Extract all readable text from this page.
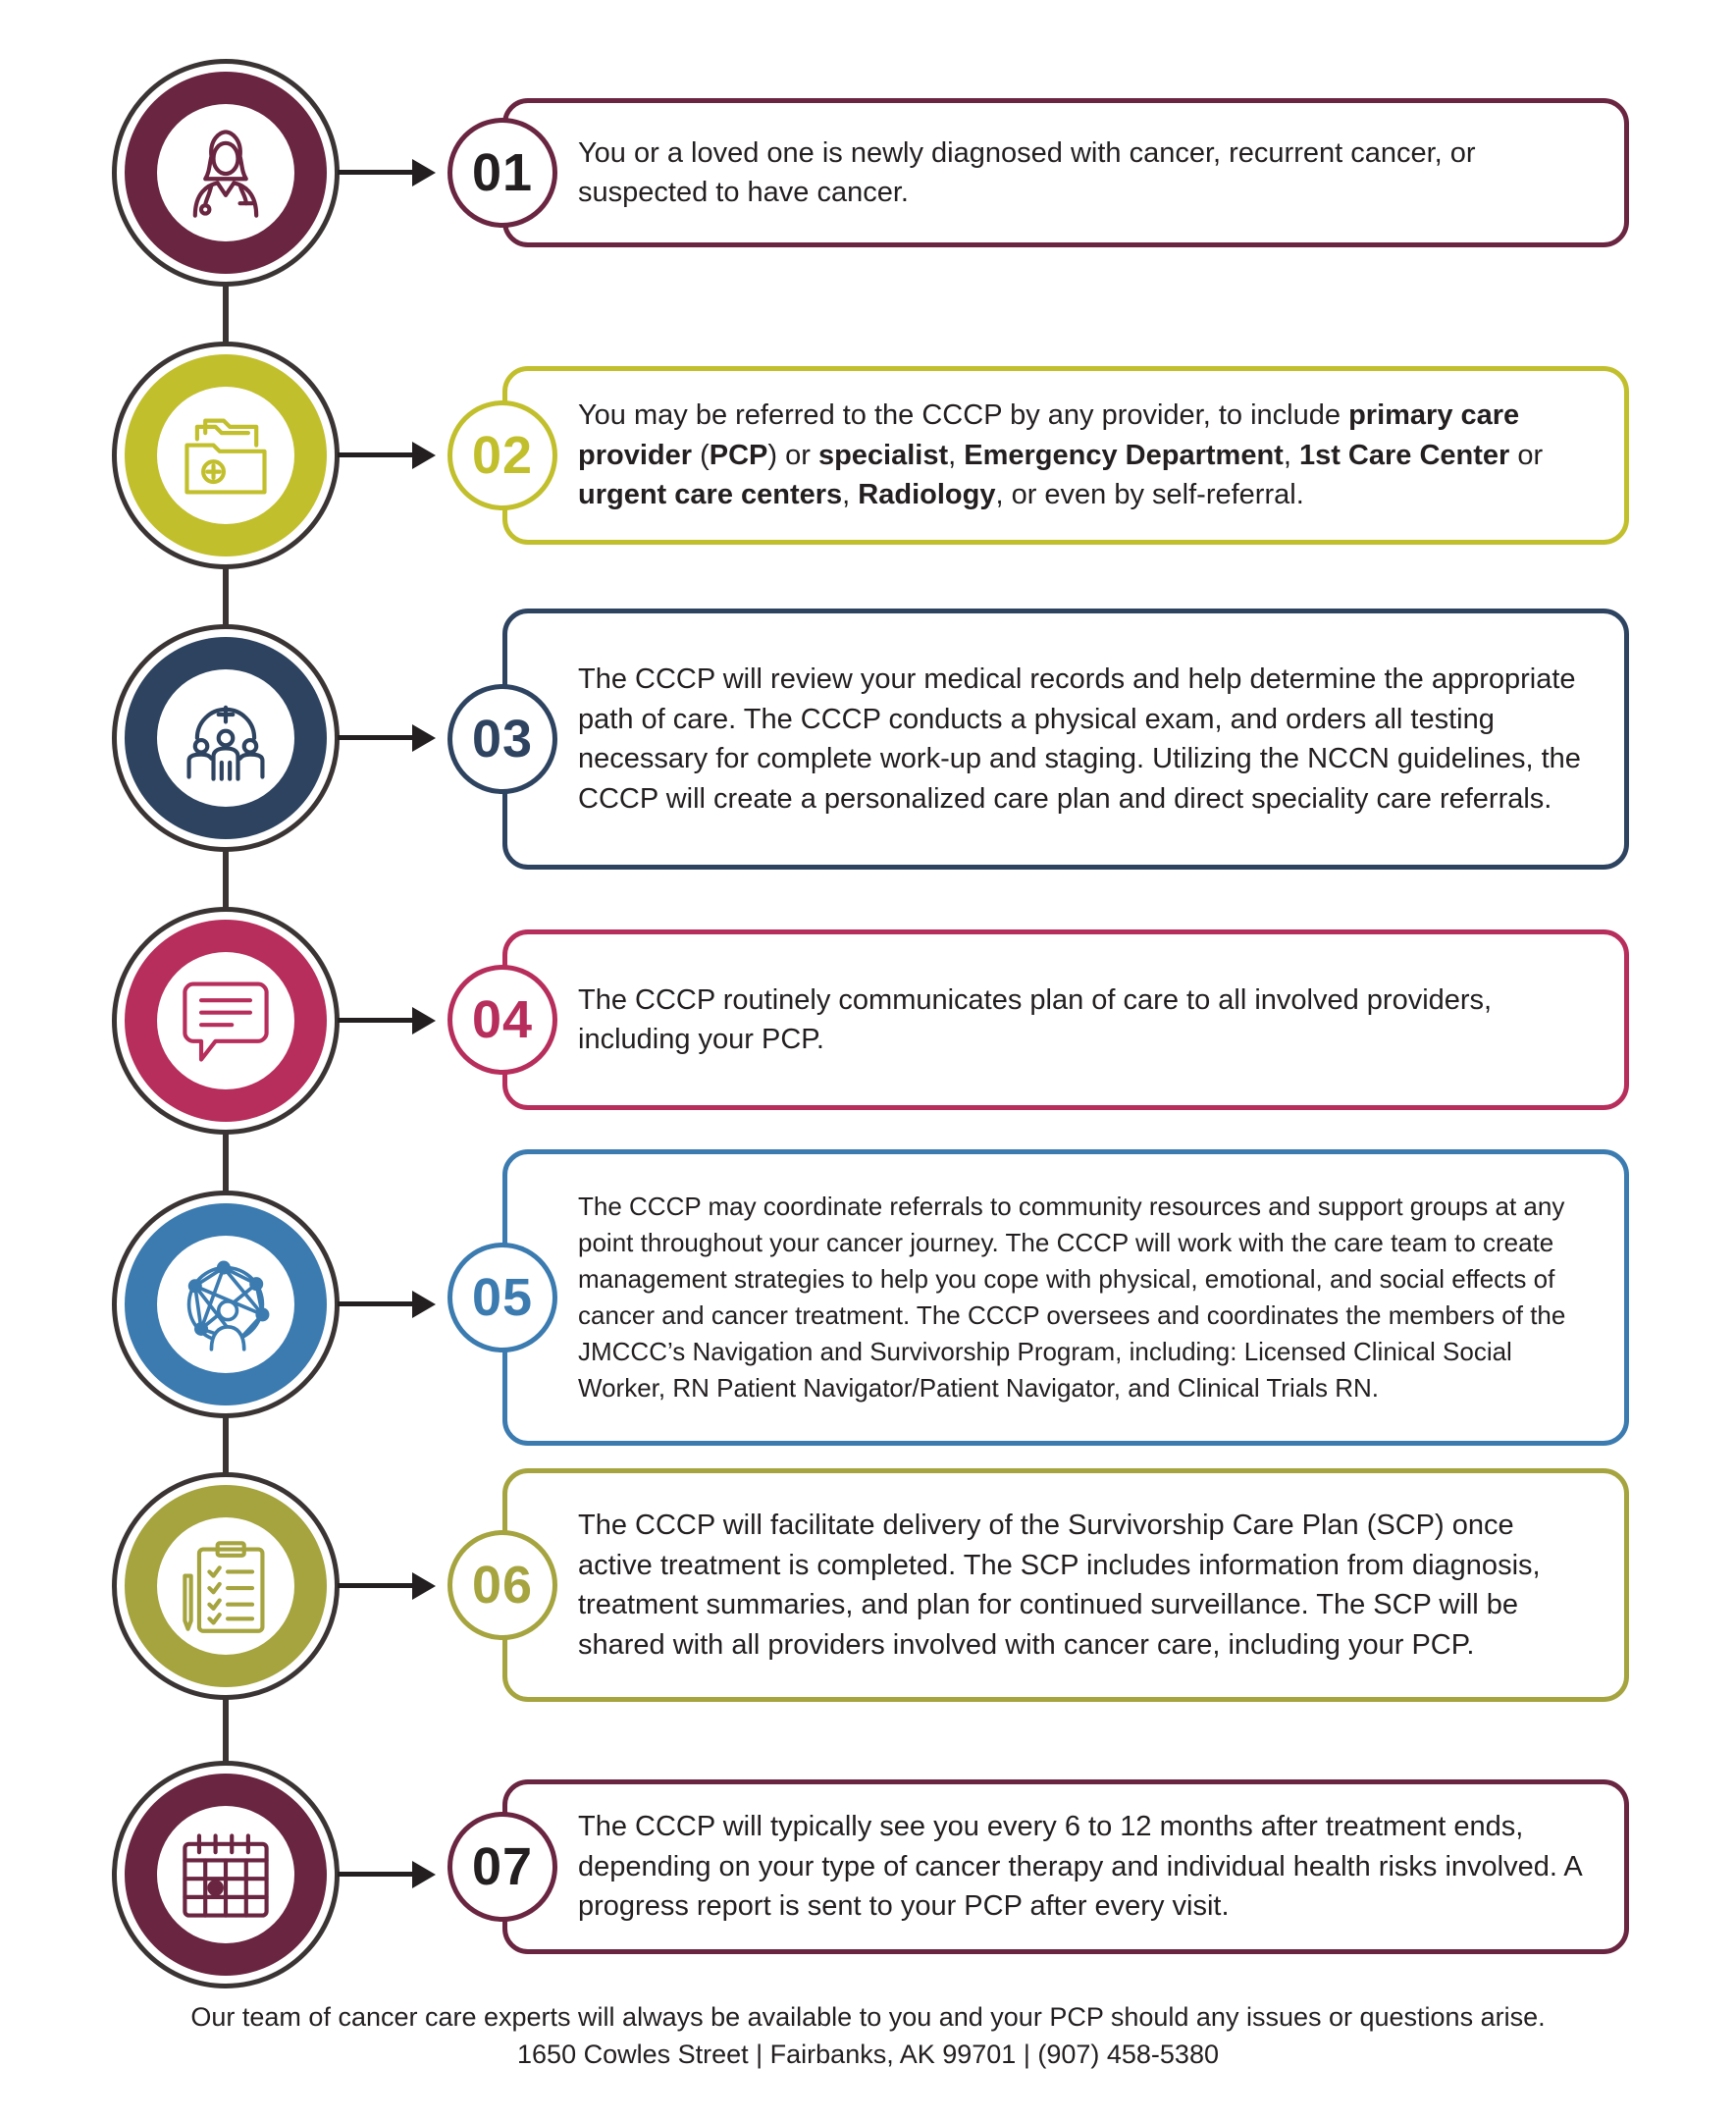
You or a loved one is newly diagnosed with cancer, recurrent cancer, or suspected to have cancer.
01
You may be referred to the CCCP by any provider, to include primary care provider (PCP) or specialist, Emergency Department, 1st Care Center or urgent care centers, Radiology, or even by self-referral.
02
The CCCP will review your medical records and help determine the appropriate path of care. The CCCP conducts a physical exam, and orders all testing necessary for complete work-up and staging. Utilizing the NCCN guidelines, the CCCP will create a personalized care plan and direct speciality care referrals.
03
The CCCP routinely communicates plan of care to all involved providers, including your PCP.
04
The CCCP may coordinate referrals to community resources and support groups at any point throughout your cancer journey. The CCCP will work with the care team to create management strategies to help you cope with physical, emotional, and social effects of cancer and cancer treatment. The CCCP oversees and coordinates the members of the JMCCC’s Navigation and Survivorship Program, including: Licensed Clinical Social Worker, RN Patient Navigator/Patient Navigator, and Clinical Trials RN.
05
The CCCP will facilitate delivery of the Survivorship Care Plan (SCP) once active treatment is completed. The SCP includes information from diagnosis, treatment summaries, and plan for continued surveillance. The SCP will be shared with all providers involved with cancer care, including your PCP.
06
The CCCP will typically see you every 6 to 12 months after treatment ends, depending on your type of cancer therapy and individual health risks involved. A progress report is sent to your PCP after every visit.
07
Our team of cancer care experts will always be available to you and your PCP should any issues or questions arise.
1650 Cowles Street | Fairbanks, AK 99701 | (907) 458-5380
